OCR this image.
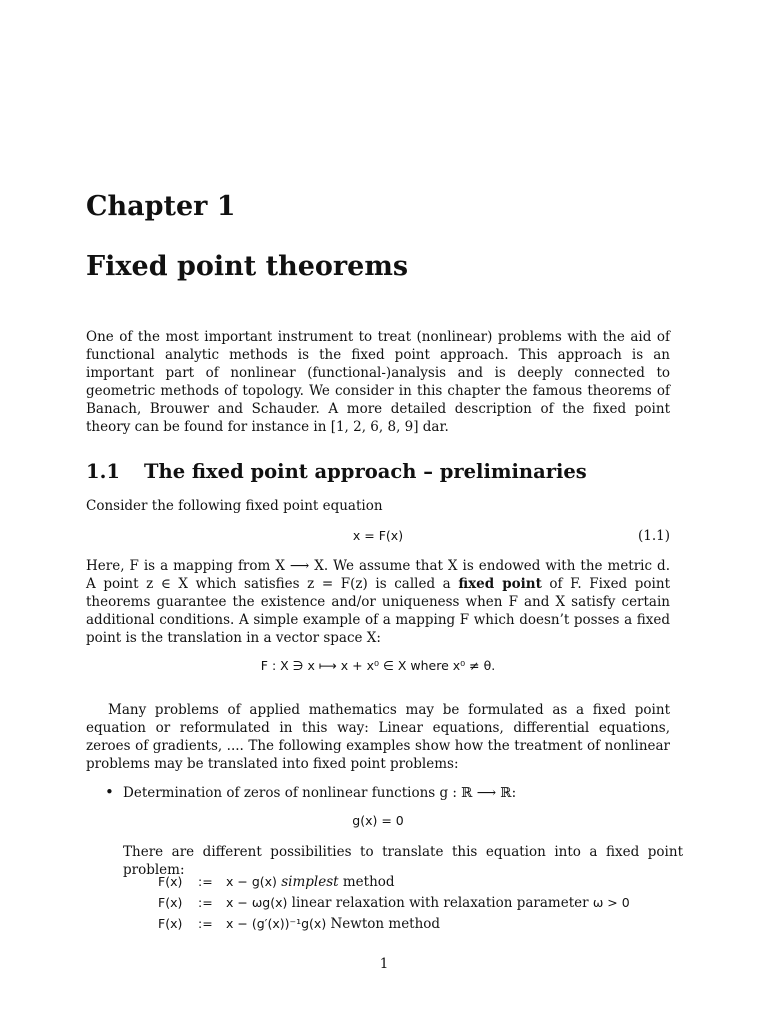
Chapter 1
Fixed point theorems

One of the most important instrument to treat (nonlinear) problems with the aid of functional analytic methods is the fixed point approach. This approach is an important part of nonlinear (functional-)analysis and is deeply connected to geometric methods of topology. We consider in this chapter the famous theorems of Banach, Brouwer and Schauder. A more detailed description of the fixed point theory can be found for instance in [1, 2, 6, 8, 9] dar.

1.1 The fixed point approach – preliminaries

Consider the following fixed point equation

x = F(x)	(1.1)

Here, F is a mapping from X ⟶ X. We assume that X is endowed with the metric d. A point z ∈ X which satisfies z = F(z) is called a fixed point of F. Fixed point theorems guarantee the existence and/or uniqueness when F and X satisfy certain additional conditions. A simple example of a mapping F which doesn’t posses a fixed point is the translation in a vector space X:

F : X ∋ x ⟼ x + x⁰ ∈ X where x⁰ ≠ θ.

Many problems of applied mathematics may be formulated as a fixed point equation or reformulated in this way: Linear equations, differential equations, zeroes of gradients, .... The following examples show how the treatment of nonlinear problems may be translated into fixed point problems:

• Determination of zeros of nonlinear functions g : ℝ ⟶ ℝ:
g(x) = 0

There are different possibilities to translate this equation into a fixed point problem:

F(x) := x − g(x) simplest method
F(x) := x − ωg(x) linear relaxation with relaxation parameter ω > 0
F(x) := x − (g′(x))⁻¹g(x) Newton method

1
